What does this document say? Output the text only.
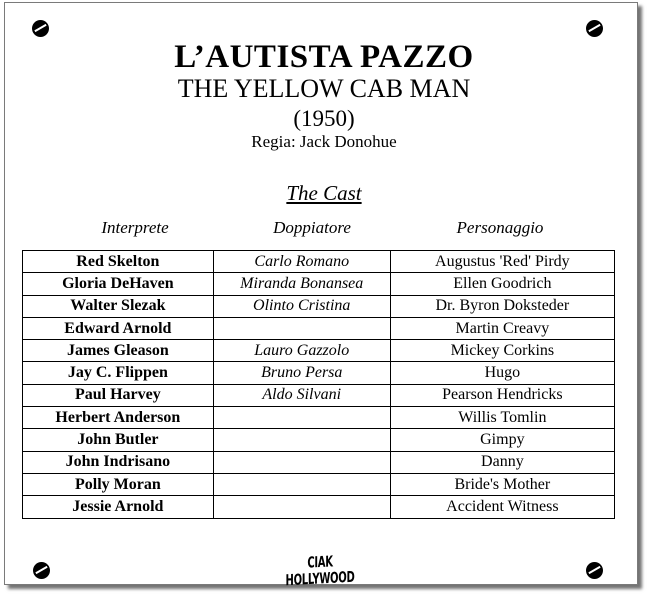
L’AUTISTA PAZZO
THE YELLOW CAB MAN
(1950)
Regia: Jack Donohue
The Cast
Interprete	Doppiatore	Personaggio
Red Skelton	Carlo Romano	Augustus 'Red' Pirdy
Gloria DeHaven	Miranda Bonansea	Ellen Goodrich
Walter Slezak	Olinto Cristina	Dr. Byron Doksteder
Edward Arnold		Martin Creavy
James Gleason	Lauro Gazzolo	Mickey Corkins
Jay C. Flippen	Bruno Persa	Hugo
Paul Harvey	Aldo Silvani	Pearson Hendricks
Herbert Anderson		Willis Tomlin
John Butler		Gimpy
John Indrisano		Danny
Polly Moran		Bride's Mother
Jessie Arnold		Accident Witness
CIAK HOLLYWOOD
